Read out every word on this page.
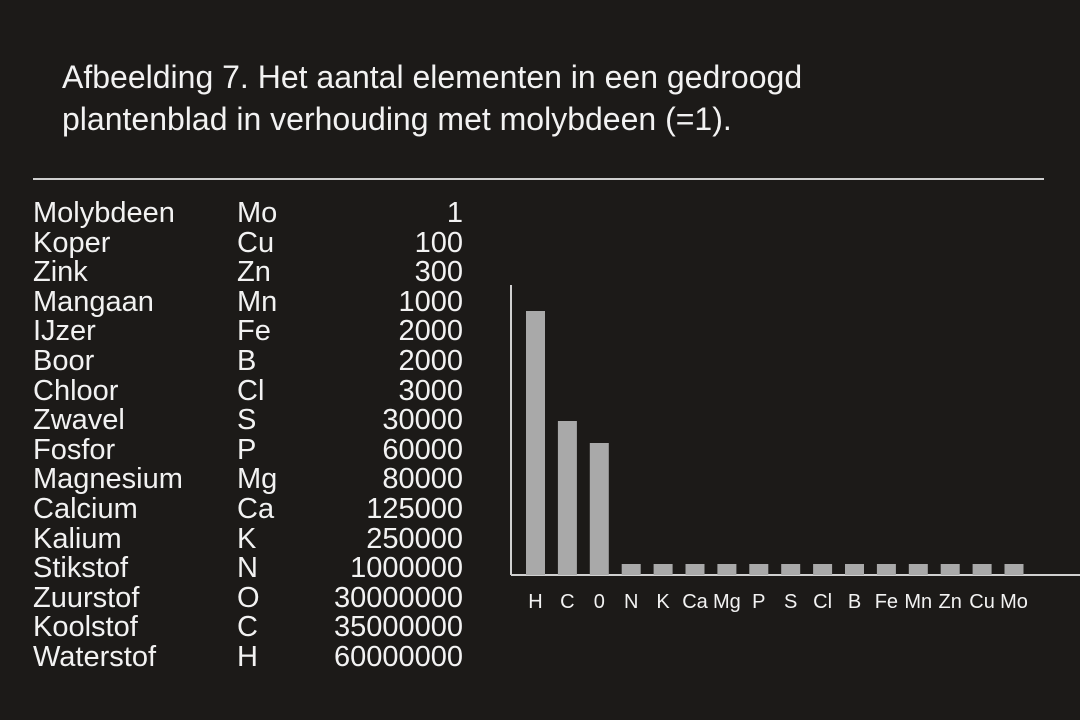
Afbeelding 7. Het aantal elementen in een gedroogd
plantenblad in verhouding met molybdeen (=1).
Molybdeen Mo	1
Koper	Cu	100
Zink	Zn	300
Mangaan	Mn	1000
IJzer	Fe	2000
Boor	B	2000
Chloor	Cl	3000
Zwavel	S	30000
Fosfor	P	60000
Magnesium Mg	80000
Calcium	Ca	125000
Kalium	K	250000
Stikstof	N	1000000
Zuurstof	O	30000000
Koolstof	C	35000000
Waterstof	H	60000000
H C 0 N K Ca Mg P S Cl B Fe Mn Zn Cu Mo
